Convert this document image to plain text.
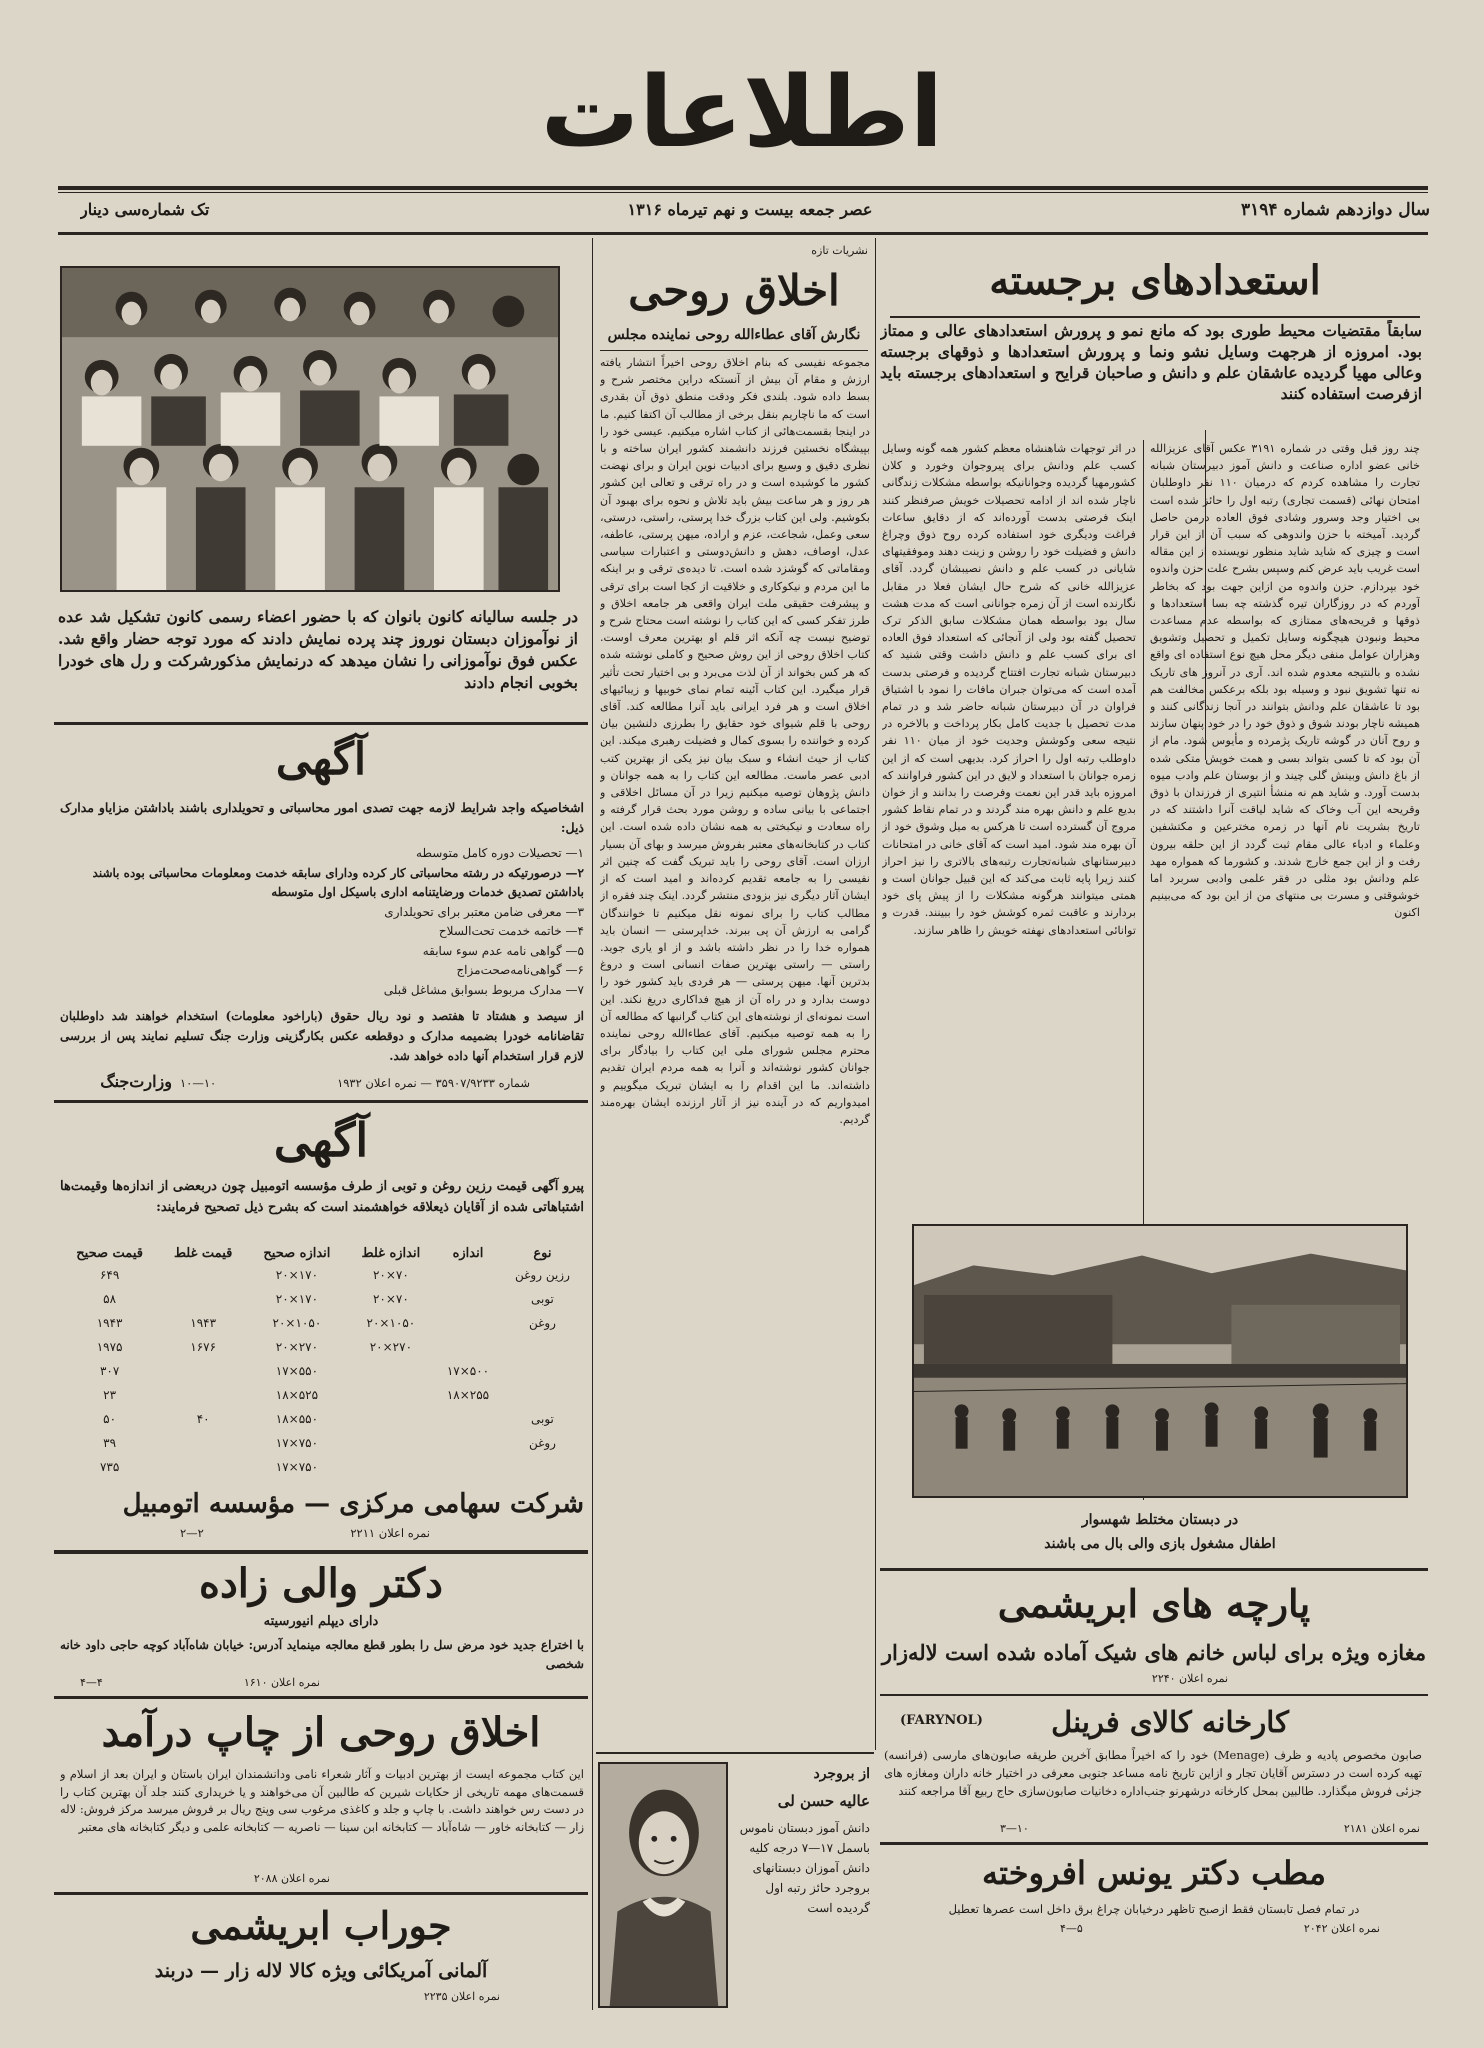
اطلاعات
سال دوازدهم شماره ۳۱۹۴
عصر جمعه بیست و نهم تیرماه ۱۳۱۶
تک شماره‌سی دینار
استعدادهای برجسته
سابقاً مقتضیات محیط طوری بود که مانع نمو و پرورش استعدادهای عالی و ممتاز بود. امروزه از هرجهت وسایل نشو ونما و پرورش استعدادها و ذوقهای برجسته وعالی مهیا گردیده عاشقان علم و دانش و صاحبان قرایح و استعدادهای برجسته باید ازفرصت استفاده کنند
چند روز قبل وقتی در شماره ۳۱۹۱ عکس آقای عزیزالله خانی عضو اداره صناعت و دانش آموز دبیرستان شبانه تجارت را مشاهده کردم که درمیان ۱۱۰ نفر داوطلبان امتحان نهائی (قسمت تجاری) رتبه اول را حائز شده است بی اختیار وجد وسرور وشادی فوق العاده درمن حاصل گردید. آمیخته با حزن واندوهی که سبب آن از این قرار است و چیزی که شاید شاید منظور نویسنده از این مقاله است غریب باید عرض کنم وسپس بشرح علت حزن واندوه خود بپردازم. حزن واندوه من ازاین جهت بود که بخاطر آوردم که در روزگاران تیره گذشته چه بسا استعدادها و ذوقها و قریحه‌های ممتازی که بواسطه عدم مساعدت محیط ونبودن هیچگونه وسایل تکمیل و تحصیل وتشویق وهزاران عوامل منفی دیگر محل هیچ نوع استفاده ای واقع نشده و بالنتیجه معدوم شده اند. آری در آنروز های تاریک نه تنها تشویق نبود و وسیله بود بلکه برعکس مخالفت هم بود تا عاشقان علم ودانش بتوانند در آنجا زندگانی کنند و همیشه ناچار بودند شوق و ذوق خود را در خود پنهان سازند و روح آنان در گوشه تاریک پژمرده و مأیوس شود. مام از آن بود که تا کسی بتواند بسی و همت خویش متکی شده از باغ دانش وبینش گلی چیند و از بوستان علم وادب میوه بدست آورد. و شاید هم نه منشأ انتیری از فرزندان با ذوق وقریحه این آب وخاک که شاید لیاقت آنرا داشتند که در تاریخ بشریت نام آنها در زمره مخترعین و مکتشفین وعلماء و ادباء عالی مقام ثبت گردد از این حلقه بیرون رفت و از این جمع خارج شدند. و کشورما که همواره مهد علم ودانش بود مثلی در فقر علمی وادبی سربرد اما خوشوقتی و مسرت بی منتهای من از این بود که می‌بینیم اکنون
در اثر توجهات شاهنشاه معظم کشور همه گونه وسایل کسب علم ودانش برای پیروجوان وخورد و کلان کشورمهیا گردیده وجوانانیکه بواسطه مشکلات زندگانی ناچار شده اند از ادامه تحصیلات خویش صرفنظر کنند اینک فرصتی بدست آورده‌اند که از دقایق ساعات فراغت ودیگری خود استفاده کرده روح ذوق وچراغ دانش و فضیلت خود را روشن و زینت دهند وموفقیتهای شایانی در کسب علم و دانش نصیبشان گردد. آقای عزیزالله خانی که شرح حال ایشان فعلا در مقابل نگارنده است از آن زمره جوانانی است که مدت هشت سال بود بواسطه همان مشکلات سابق الذکر ترک تحصیل گفته بود ولی از آنجائی که استعداد فوق العاده ای برای کسب علم و دانش داشت وقتی شنید که دبیرستان شبانه تجارت افتتاح گردیده و فرصتی بدست آمده است که می‌توان جبران مافات را نمود با اشتیاق فراوان در آن دبیرستان شبانه حاضر شد و در تمام مدت تحصیل با جدیت کامل بکار پرداخت و بالاخره در نتیجه سعی وکوشش وجدیت خود از میان ۱۱۰ نفر داوطلب رتبه اول را احراز کرد. بدیهی است که از این زمره جوانان با استعداد و لایق در این کشور فراوانند که امروزه باید قدر این نعمت وفرصت را بدانند و از خوان بدیع علم و دانش بهره مند گردند و در تمام نقاط کشور مروج آن گسترده است تا هرکس به میل وشوق خود از آن بهره مند شود. امید است که آقای خانی در امتحانات دبیرستانهای شبانه‌تجارت رتبه‌های بالاتری را نیز احراز کنند زیرا پایه ثابت می‌کند که این قبیل جوانان است و همتی میتوانند هرگونه مشکلات را از پیش پای خود بردارند و عاقبت ثمره کوشش خود را ببینند. قدرت و توانائی استعدادهای نهفته خویش را ظاهر سازند.
در دبستان مختلط شهسوار
اطفال مشغول بازی والی بال می باشند
پارچه های ابریشمی
مغازه ویژه برای لباس خانم های شیک آماده شده است لاله‌زار
نمره اعلان ۲۲۴۰
کارخانه کالای فرینل
(FARYNOL)
صابون مخصوص پادیه و ظرف (Menage) خود را که اخیراً مطابق آخرین طریقه صابون‌های مارسی (فرانسه) تهیه کرده است در دسترس آقایان تجار و ازاین تاریخ نامه مساعد جنوبی معرفی در اختیار خانه داران ومغازه های جزئی فروش میگذارد. طالبین بمحل کارخانه درشهرنو جنب‌اداره دخانیات صابون‌سازی حاج ربیع آقا مراجعه کنند
نمره اعلان ۲۱۸۱
۳—۱۰
مطب دکتر یونس افروخته
در تمام فصل تابستان فقط ازصبح تاظهر درخیابان چراغ برق داخل است عصرها تعطیل
نمره اعلان ۲۰۴۲
۴—۵
نشریات تازه
اخلاق روحی
نگارش آقای عطاءالله روحی نماینده مجلس
مجموعه نفیسی که بنام اخلاق روحی اخیراً انتشار یافته ارزش و مقام آن بیش از آنستکه دراین مختصر شرح و بسط داده شود. بلندی فکر ودقت منطق ذوق آن بقدری است که ما ناچاریم بنقل برخی از مطالب آن اکتفا کنیم. ما در اینجا بقسمت‌هائی از کتاب اشاره میکنیم. عیسی خود را بپیشگاه نخستین فرزند دانشمند کشور ایران ساخته و با نظری دقیق و وسیع برای ادبیات نوین ایران و برای نهضت کشور ما کوشیده است و در راه ترقی و تعالی این کشور هر روز و هر ساعت بیش باید تلاش و نحوه برای بهبود آن بکوشیم. ولی این کتاب بزرگ خدا پرستی، راستی، درستی، سعی وعمل، شجاعت، عزم و اراده، میهن پرستی، عاطفه، عدل، اوصاف، دهش و دانش‌دوستی و اعتبارات سیاسی ومقاماتی که گوشزد شده است. تا دیده‌ی ترقی و بر اینکه ما این مردم و نیکوکاری و خلاقیت از کجا است برای ترقی و پیشرفت حقیقی ملت ایران واقعی هر جامعه اخلاق و طرز تفکر کسی که این کتاب را نوشته است محتاج شرح و توضیح نیست چه آنکه اثر قلم او بهترین معرف اوست. کتاب اخلاق روحی از این روش صحیح و کاملی نوشته شده که هر کس بخواند از آن لذت می‌برد و بی اختیار تحت تأثیر قرار میگیرد. این کتاب آئینه تمام نمای خوبیها و زیبائیهای اخلاق است و هر فرد ایرانی باید آنرا مطالعه کند. آقای روحی با قلم شیوای خود حقایق را بطرزی دلنشین بیان کرده و خواننده را بسوی کمال و فضیلت رهبری میکند. این کتاب از حیث انشاء و سبک بیان نیز یکی از بهترین کتب ادبی عصر ماست. مطالعه این کتاب را به همه جوانان و دانش پژوهان توصیه میکنیم زیرا در آن مسائل اخلاقی و اجتماعی با بیانی ساده و روشن مورد بحث قرار گرفته و راه سعادت و نیکبختی به همه نشان داده شده است. این کتاب در کتابخانه‌های معتبر بفروش میرسد و بهای آن بسیار ارزان است. آقای روحی را باید تبریک گفت که چنین اثر نفیسی را به جامعه تقدیم کرده‌اند و امید است که از ایشان آثار دیگری نیز بزودی منتشر گردد. اینک چند فقره از مطالب کتاب را برای نمونه نقل میکنیم تا خوانندگان گرامی به ارزش آن پی ببرند. خداپرستی — انسان باید همواره خدا را در نظر داشته باشد و از او یاری جوید. راستی — راستی بهترین صفات انسانی است و دروغ بدترین آنها. میهن پرستی — هر فردی باید کشور خود را دوست بدارد و در راه آن از هیچ فداکاری دریغ نکند. این است نمونه‌ای از نوشته‌های این کتاب گرانبها که مطالعه آن را به همه توصیه میکنیم. آقای عطاءالله روحی نماینده محترم مجلس شورای ملی این کتاب را بیادگار برای جوانان کشور نوشته‌اند و آنرا به همه مردم ایران تقدیم داشته‌اند. ما این اقدام را به ایشان تبریک میگوییم و امیدواریم که در آینده نیز از آثار ارزنده ایشان بهره‌مند گردیم.
از بروجرد
عالیه حسن لی
دانش آموز دبستان ناموس باسمل ۱۷—۷ درجه کلیه دانش آموزان دبستانهای بروجرد حائز رتبه اول گردیده است
در جلسه سالیانه کانون بانوان که با حضور اعضاء رسمی کانون تشکیل شد عده از نوآموزان دبستان نوروز چند پرده نمایش دادند که مورد توجه حضار واقع شد. عکس فوق نوآموزانی را نشان میدهد که درنمایش مذکورشرکت و رل های خودرا بخوبی انجام دادند
آگهی
اشخاصیکه واجد شرایط لازمه جهت تصدی امور محاسباتی و تحویلداری باشند باداشتن مزایاو مدارک ذیل:
۱— تحصیلات دوره کامل متوسطه
۲— درصورتیکه در رشته محاسباتی کار کرده ودارای سابقه خدمت ومعلومات محاسباتی بوده باشند باداشتن تصدیق خدمات ورضایتنامه اداری باسیکل اول متوسطه
۳— معرفی ضامن معتبر برای تحویلداری
۴— خاتمه خدمت تحت‌السلاح
۵— گواهی نامه عدم سوء سابقه
۶— گواهی‌نامه‌صحت‌مزاج
۷— مدارک مربوط بسوابق مشاغل قبلی
از سیصد و هشتاد تا هفتصد و نود ریال حقوق (باراخود معلومات) استخدام خواهند شد داوطلبان تقاضانامه خودرا بضمیمه مدارک و دوقطعه عکس بکارگزینی وزارت جنگ تسلیم نمایند پس از بررسی لازم قرار استخدام آنها داده خواهد شد.
شماره ۳۵۹۰۷/۹۲۳۳ — نمره اعلان ۱۹۳۲
۱۰—۱۰
وزارت‌جنگ
آگهی
پیرو آگهی قیمت رزین روغن و توبی از طرف مؤسسه اتومبیل چون دربعضی از اندازه‌ها وقیمت‌ها اشتباهاتی شده از آقایان ذیعلاقه خواهشمند است که بشرح ذیل تصحیح فرمایند:
نوع	اندازه	اندازه غلط	اندازه صحیح	قیمت غلط	قیمت صحیح
رزین روغن		۷۰×۲۰	۱۷۰×۲۰		۶۴۹
توبی		۷۰×۲۰	۱۷۰×۲۰		۵۸
روغن		۱۰۵۰×۲۰	۱۰۵۰×۲۰	۱۹۴۳	۱۹۴۳
		۲۷۰×۲۰	۲۷۰×۲۰	۱۶۷۶	۱۹۷۵
	۵۰۰×۱۷		۵۵۰×۱۷		۳۰۷
	۲۵۵×۱۸		۵۲۵×۱۸		۲۳
توبی			۵۵۰×۱۸	۴۰	۵۰
روغن			۷۵۰×۱۷		۳۹
			۷۵۰×۱۷		۷۳۵

شرکت سهامی مرکزی — مؤسسه اتومبیل
نمره اعلان ۲۲۱۱
۲—۲
دکتر والی زاده
دارای دیپلم انیورسیته
با اختراع جدید خود مرض سل را بطور قطع معالجه مینماید آدرس: خیابان شاه‌آباد کوچه حاجی داود خانه شخصی
نمره اعلان ۱۶۱۰
۴—۴
اخلاق روحی از چاپ درآمد
این کتاب مجموعه ایست از بهترین ادبیات و آثار شعراء نامی ودانشمندان ایران باستان و ایران بعد از اسلام و قسمت‌های مهمه تاریخی از حکایات شیرین که طالبین آن می‌خواهند و یا خریداری کنند جلد آن بهترین کتاب را در دست رس خواهند داشت. با چاپ و جلد و کاغذی مرغوب سی وپنج ریال بر فروش میرسد مرکز فروش: لاله زار — کتابخانه خاور — شاه‌آباد — کتابخانه ابن سینا — ناصریه — کتابخانه علمی و دیگر کتابخانه های معتبر
نمره اعلان ۲۰۸۸
جوراب ابریشمی
آلمانی آمریکائی ویژه کالا لاله زار — دربند
نمره اعلان ۲۲۳۵
